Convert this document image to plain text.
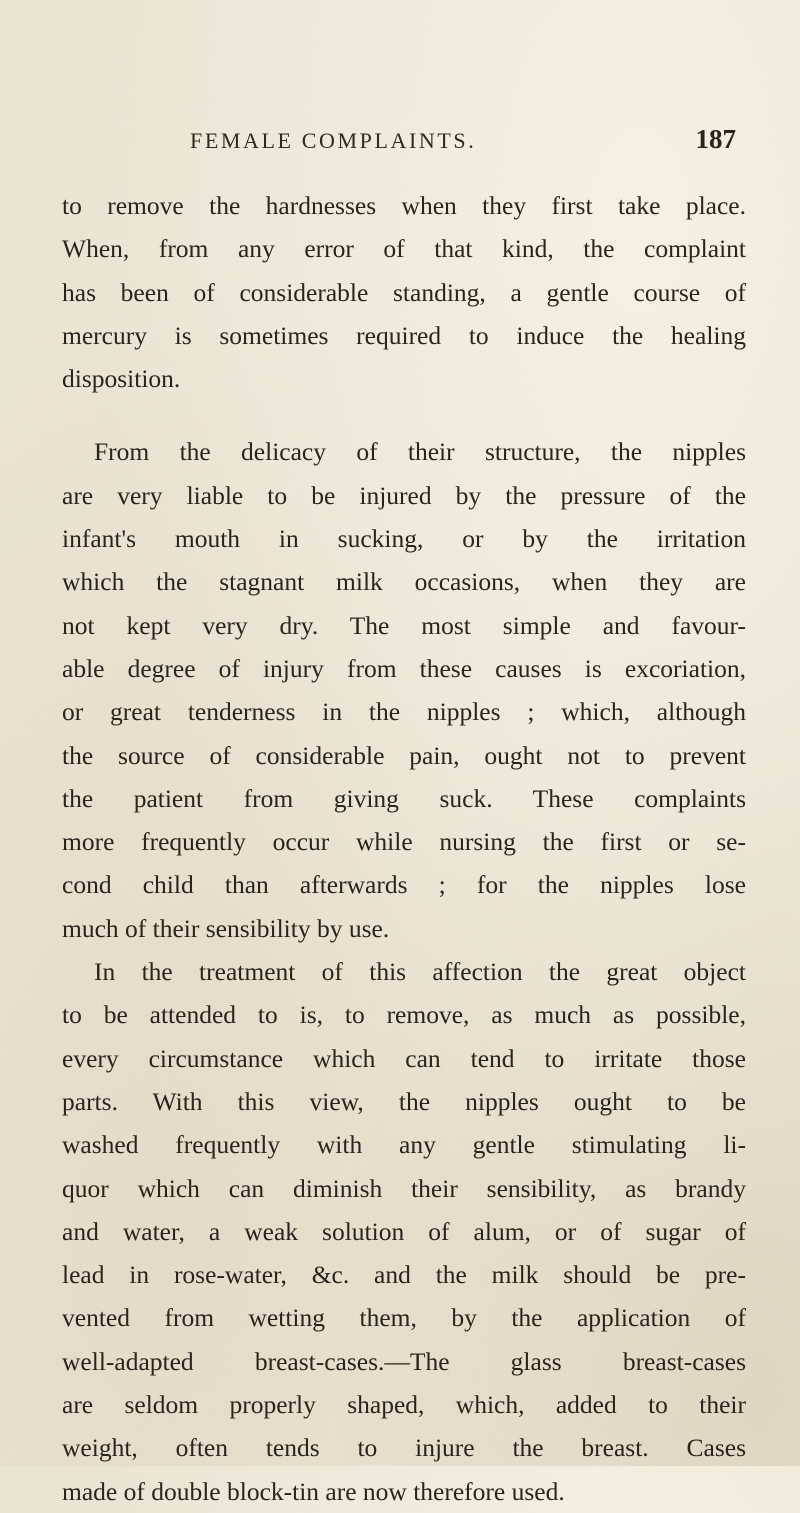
FEMALE COMPLAINTS.	187
to remove the hardnesses when they first take place.
When, from any error of that kind, the complaint
has been of considerable standing, a gentle course of
mercury is sometimes required to induce the healing
disposition.
From the delicacy of their structure, the nipples
are very liable to be injured by the pressure of the
infant's mouth in sucking, or by the irritation
which the stagnant milk occasions, when they are
not kept very dry. The most simple and favour-
able degree of injury from these causes is excoriation,
or great tenderness in the nipples ; which, although
the source of considerable pain, ought not to prevent
the patient from giving suck. These complaints
more frequently occur while nursing the first or se-
cond child than afterwards ; for the nipples lose
much of their sensibility by use.
In the treatment of this affection the great object
to be attended to is, to remove, as much as possible,
every circumstance which can tend to irritate those
parts. With this view, the nipples ought to be
washed frequently with any gentle stimulating li-
quor which can diminish their sensibility, as brandy
and water, a weak solution of alum, or of sugar of
lead in rose-water, &c. and the milk should be pre-
vented from wetting them, by the application of
well-adapted breast-cases.—The glass breast-cases
are seldom properly shaped, which, added to their
weight, often tends to injure the breast. Cases
made of double block-tin are now therefore used.
